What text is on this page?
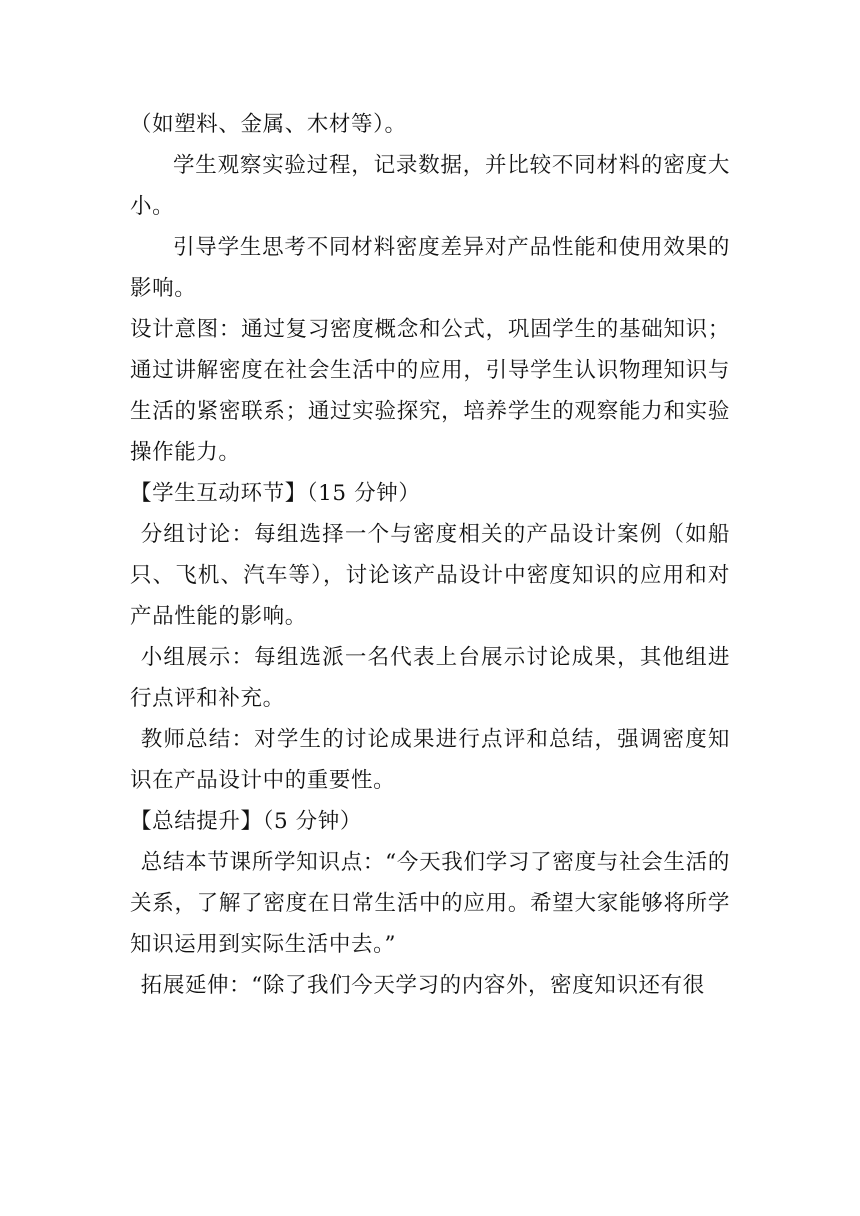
（如塑料、金属、木材等）。

学生观察实验过程，记录数据，并比较不同材料的密度大小。

引导学生思考不同材料密度差异对产品性能和使用效果的影响。

设计意图：通过复习密度概念和公式，巩固学生的基础知识；通过讲解密度在社会生活中的应用，引导学生认识物理知识与生活的紧密联系；通过实验探究，培养学生的观察能力和实验操作能力。

【学生互动环节】（15 分钟）

分组讨论：每组选择一个与密度相关的产品设计案例（如船只、飞机、汽车等），讨论该产品设计中密度知识的应用和对产品性能的影响。

小组展示：每组选派一名代表上台展示讨论成果，其他组进行点评和补充。

教师总结：对学生的讨论成果进行点评和总结，强调密度知识在产品设计中的重要性。

【总结提升】（5 分钟）

总结本节课所学知识点：“今天我们学习了密度与社会生活的关系，了解了密度在日常生活中的应用。希望大家能够将所学知识运用到实际生活中去。”

拓展延伸：“除了我们今天学习的内容外，密度知识还有很
